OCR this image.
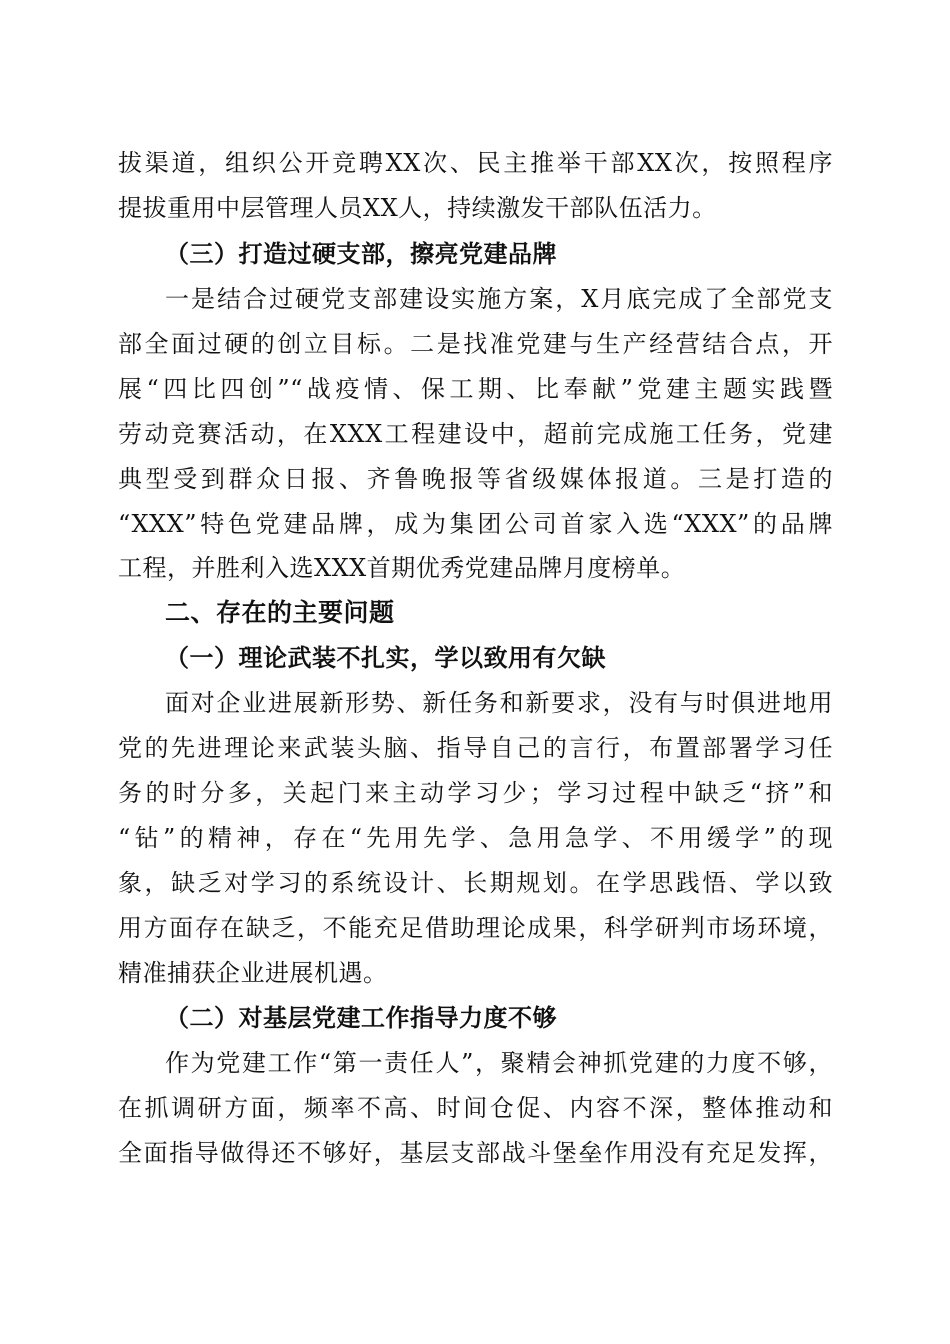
拔渠道，组织公开竞聘XX次、民主推举干部XX次，按照程序
提拔重用中层管理人员XX人，持续激发干部队伍活力。
（三）打造过硬支部，擦亮党建品牌
一是结合过硬党支部建设实施方案，X月底完成了全部党支
部全面过硬的创立目标。二是找准党建与生产经营结合点，开
展“四比四创”“战疫情、保工期、比奉献”党建主题实践暨
劳动竞赛活动，在XXX工程建设中，超前完成施工任务，党建
典型受到群众日报、齐鲁晚报等省级媒体报道。三是打造的
“XXX”特色党建品牌，成为集团公司首家入选“XXX”的品牌
工程，并胜利入选XXX首期优秀党建品牌月度榜单。
二、存在的主要问题
（一）理论武装不扎实，学以致用有欠缺
面对企业进展新形势、新任务和新要求，没有与时俱进地用
党的先进理论来武装头脑、指导自己的言行，布置部署学习任
务的时分多，关起门来主动学习少；学习过程中缺乏“挤”和
“钻”的精神，存在“先用先学、急用急学、不用缓学”的现
象，缺乏对学习的系统设计、长期规划。在学思践悟、学以致
用方面存在缺乏，不能充足借助理论成果，科学研判市场环境，
精准捕获企业进展机遇。
（二）对基层党建工作指导力度不够
作为党建工作“第一责任人”，聚精会神抓党建的力度不够，
在抓调研方面，频率不高、时间仓促、内容不深，整体推动和
全面指导做得还不够好，基层支部战斗堡垒作用没有充足发挥，
